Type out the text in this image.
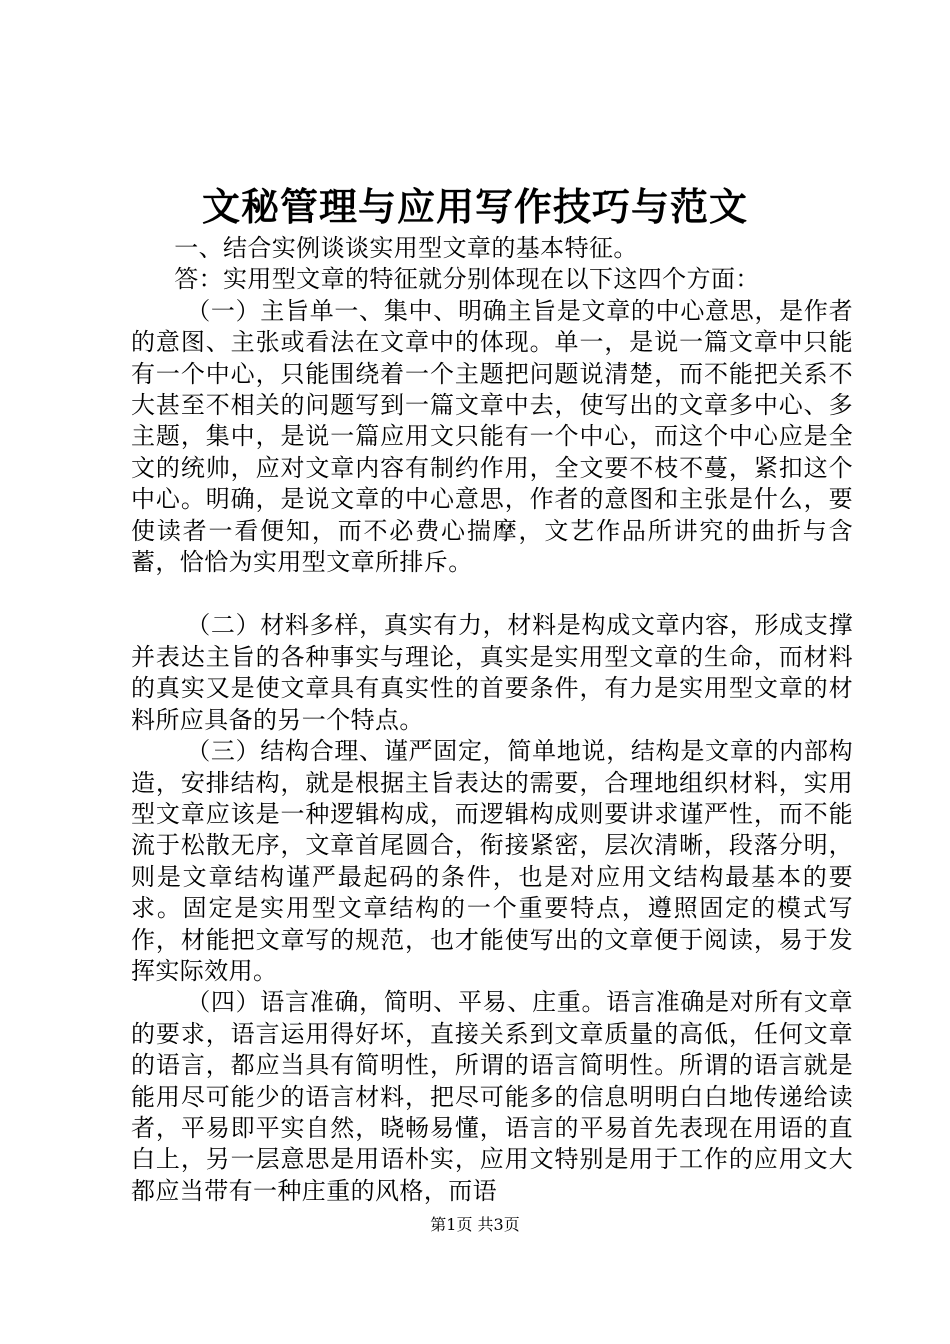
文秘管理与应用写作技巧与范文

一、结合实例谈谈实用型文章的基本特征。

答：实用型文章的特征就分别体现在以下这四个方面：

（一）主旨单一、集中、明确主旨是文章的中心意思，是作者的意图、主张或看法在文章中的体现。单一，是说一篇文章中只能有一个中心，只能围绕着一个主题把问题说清楚，而不能把关系不大甚至不相关的问题写到一篇文章中去，使写出的文章多中心、多主题，集中，是说一篇应用文只能有一个中心，而这个中心应是全文的统帅，应对文章内容有制约作用，全文要不枝不蔓，紧扣这个中心。明确，是说文章的中心意思，作者的意图和主张是什么，要使读者一看便知，而不必费心揣摩，文艺作品所讲究的曲折与含蓄，恰恰为实用型文章所排斥。

（二）材料多样，真实有力，材料是构成文章内容，形成支撑并表达主旨的各种事实与理论，真实是实用型文章的生命，而材料的真实又是使文章具有真实性的首要条件，有力是实用型文章的材料所应具备的另一个特点。

（三）结构合理、谨严固定，简单地说，结构是文章的内部构造，安排结构，就是根据主旨表达的需要，合理地组织材料，实用型文章应该是一种逻辑构成，而逻辑构成则要讲求谨严性，而不能流于松散无序，文章首尾圆合，衔接紧密，层次清晰，段落分明，则是文章结构谨严最起码的条件，也是对应用文结构最基本的要求。固定是实用型文章结构的一个重要特点，遵照固定的模式写作，材能把文章写的规范，也才能使写出的文章便于阅读，易于发挥实际效用。

（四）语言准确，简明、平易、庄重。语言准确是对所有文章的要求，语言运用得好坏，直接关系到文章质量的高低，任何文章的语言，都应当具有简明性，所谓的语言简明性。所谓的语言就是能用尽可能少的语言材料，把尽可能多的信息明明白白地传递给读者，平易即平实自然，晓畅易懂，语言的平易首先表现在用语的直白上，另一层意思是用语朴实，应用文特别是用于工作的应用文大都应当带有一种庄重的风格，而语

第1页 共3页
